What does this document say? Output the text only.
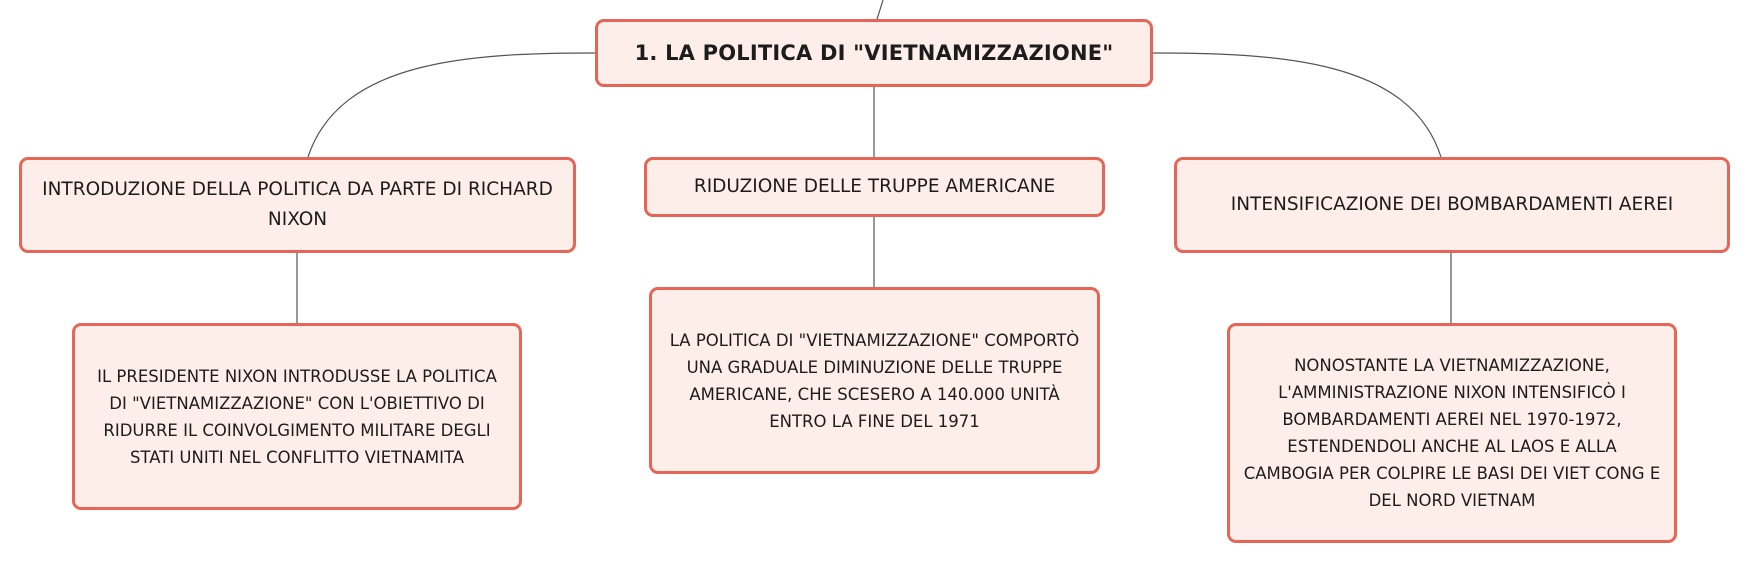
1. LA POLITICA DI "VIETNAMIZZAZIONE"
INTRODUZIONE DELLA POLITICA DA PARTE DI RICHARD NIXON
RIDUZIONE DELLE TRUPPE AMERICANE
INTENSIFICAZIONE DEI BOMBARDAMENTI AEREI
IL PRESIDENTE NIXON INTRODUSSE LA POLITICA DI "VIETNAMIZZAZIONE" CON L'OBIETTIVO DI RIDURRE IL COINVOLGIMENTO MILITARE DEGLI STATI UNITI NEL CONFLITTO VIETNAMITA
LA POLITICA DI "VIETNAMIZZAZIONE" COMPORTÒ UNA GRADUALE DIMINUZIONE DELLE TRUPPE AMERICANE, CHE SCESERO A 140.000 UNITÀ ENTRO LA FINE DEL 1971
NONOSTANTE LA VIETNAMIZZAZIONE, L'AMMINISTRAZIONE NIXON INTENSIFICÒ I BOMBARDAMENTI AEREI NEL 1970-1972, ESTENDENDOLI ANCHE AL LAOS E ALLA CAMBOGIA PER COLPIRE LE BASI DEI VIET CONG E DEL NORD VIETNAM
